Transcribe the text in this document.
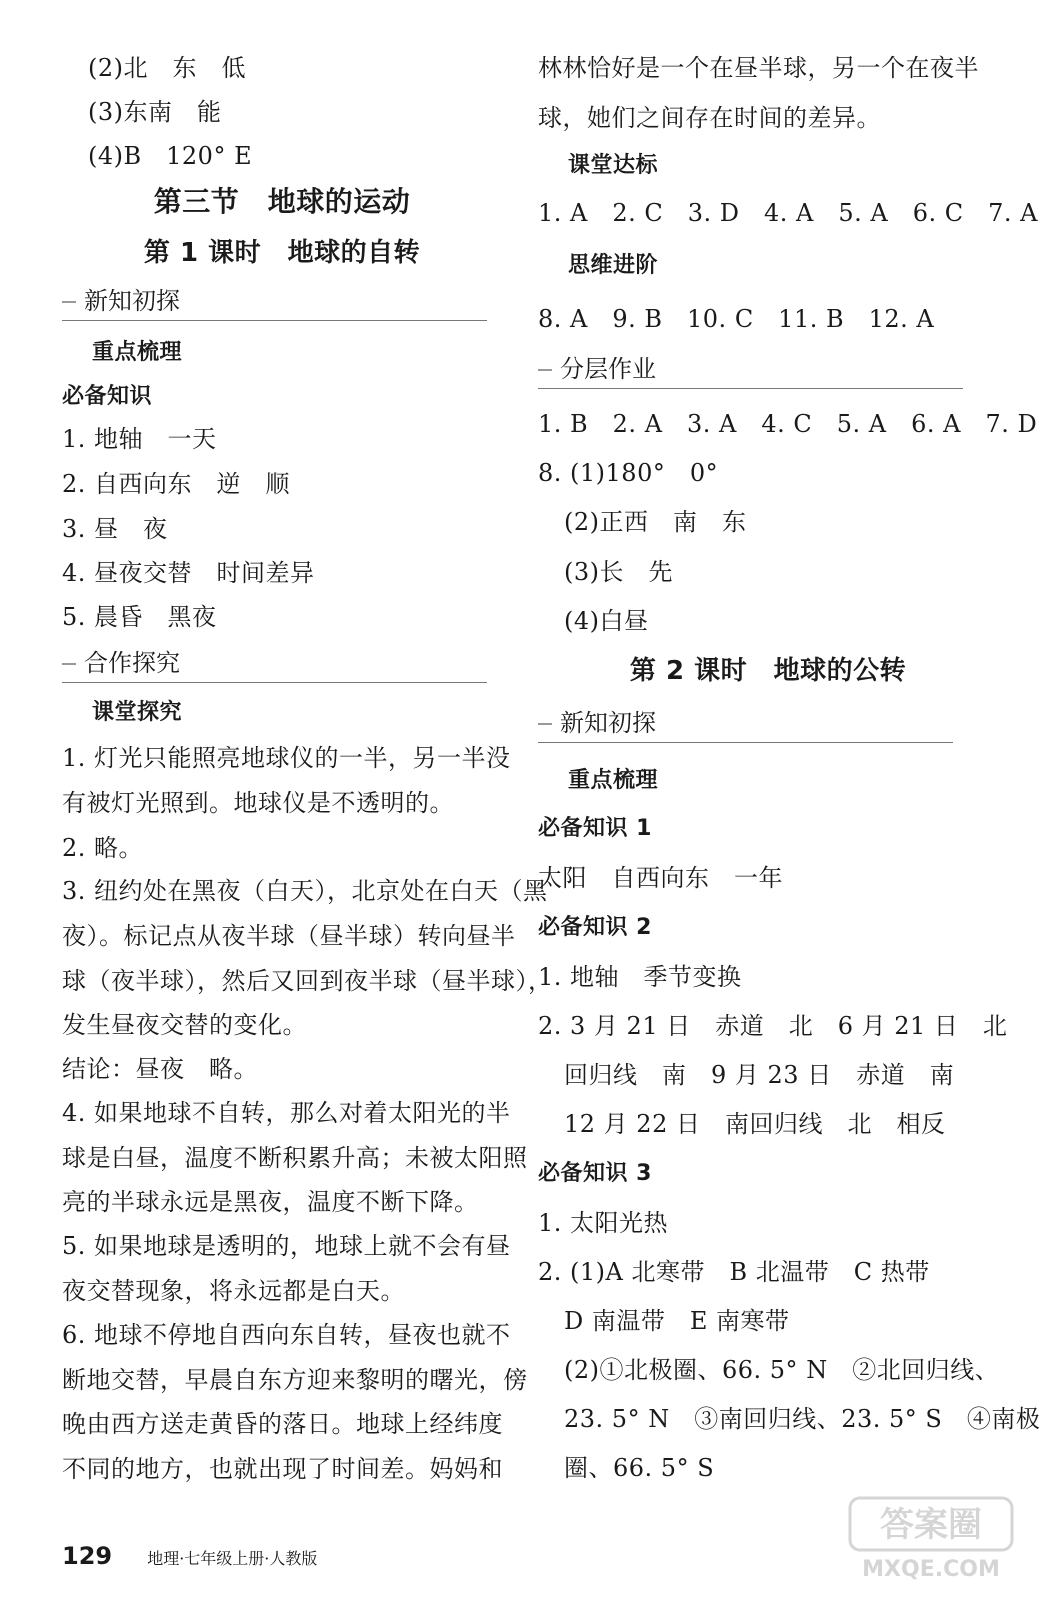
(2)北　东　低
(3)东南　能
(4)B　120° E
第三节　地球的运动
第 1 课时　地球的自转
新知初探
重点梳理
必备知识
1. 地轴　一天
2. 自西向东　逆　顺
3. 昼　夜
4. 昼夜交替　时间差异
5. 晨昏　黑夜
合作探究
课堂探究
1. 灯光只能照亮地球仪的一半，另一半没
有被灯光照到。地球仪是不透明的。
2. 略。
3. 纽约处在黑夜（白天），北京处在白天（黑
夜）。标记点从夜半球（昼半球）转向昼半
球（夜半球），然后又回到夜半球（昼半球），
发生昼夜交替的变化。
结论：昼夜　略。
4. 如果地球不自转，那么对着太阳光的半
球是白昼，温度不断积累升高；未被太阳照
亮的半球永远是黑夜，温度不断下降。
5. 如果地球是透明的，地球上就不会有昼
夜交替现象，将永远都是白天。
6. 地球不停地自西向东自转，昼夜也就不
断地交替，早晨自东方迎来黎明的曙光，傍
晚由西方送走黄昏的落日。地球上经纬度
不同的地方，也就出现了时间差。妈妈和
林林恰好是一个在昼半球，另一个在夜半
球，她们之间存在时间的差异。
课堂达标
1. A　2. C　3. D　4. A　5. A　6. C　7. A
思维进阶
8. A　9. B　10. C　11. B　12. A
分层作业
1. B　2. A　3. A　4. C　5. A　6. A　7. D
8. (1)180°　0°
(2)正西　南　东
(3)长　先
(4)白昼
第 2 课时　地球的公转
新知初探
重点梳理
必备知识 1
太阳　自西向东　一年
必备知识 2
1. 地轴　季节变换
2. 3 月 21 日　赤道　北　6 月 21 日　北
回归线　南　9 月 23 日　赤道　南
12 月 22 日　南回归线　北　相反
必备知识 3
1. 太阳光热
2. (1)A 北寒带　B 北温带　C 热带
D 南温带　E 南寒带
(2)①北极圈、66. 5° N　②北回归线、
23. 5° N　③南回归线、23. 5° S　④南极
圈、66. 5° S
129 地理·七年级上册·人教版
答案圈
MXQE.COM
